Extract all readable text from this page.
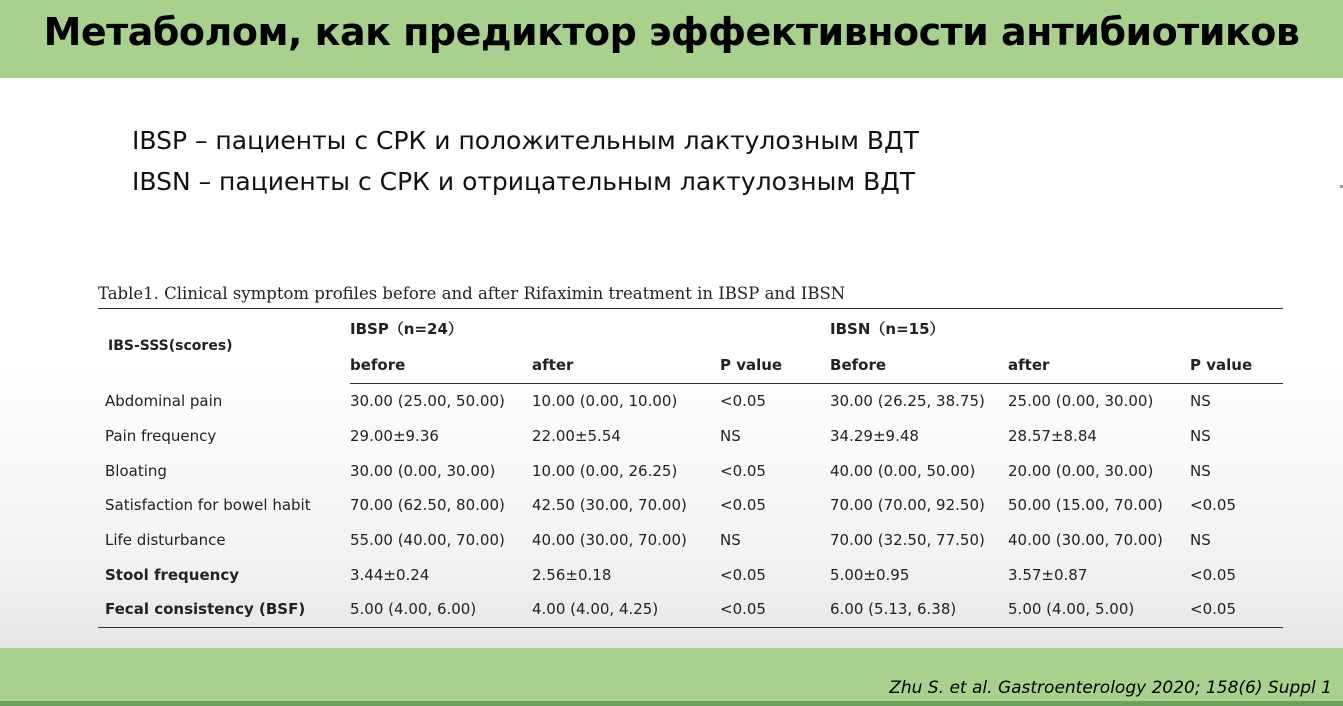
Метаболом, как предиктор эффективности антибиотиков
IBSP – пациенты с СРК и положительным лактулозным ВДТ
IBSN – пациенты с СРК и отрицательным лактулозным ВДТ
Table1. Clinical symptom profiles before and after Rifaximin treatment in IBSP and IBSN
IBS-SSS(scores)	IBSP（n=24）			IBSN（n=15）		
	before	after	P value	Before	after	P value
Abdominal pain	30.00 (25.00, 50.00)	10.00 (0.00, 10.00)	<0.05	30.00 (26.25, 38.75)	25.00 (0.00, 30.00)	NS
Pain frequency	29.00±9.36	22.00±5.54	NS	34.29±9.48	28.57±8.84	NS
Bloating	30.00 (0.00, 30.00)	10.00 (0.00, 26.25)	<0.05	40.00 (0.00, 50.00)	20.00 (0.00, 30.00)	NS
Satisfaction for bowel habit	70.00 (62.50, 80.00)	42.50 (30.00, 70.00)	<0.05	70.00 (70.00, 92.50)	50.00 (15.00, 70.00)	<0.05
Life disturbance	55.00 (40.00, 70.00)	40.00 (30.00, 70.00)	NS	70.00 (32.50, 77.50)	40.00 (30.00, 70.00)	NS
Stool frequency	3.44±0.24	2.56±0.18	<0.05	5.00±0.95	3.57±0.87	<0.05
Fecal consistency (BSF)	5.00 (4.00, 6.00)	4.00 (4.00, 4.25)	<0.05	6.00 (5.13, 6.38)	5.00 (4.00, 5.00)	<0.05
Zhu S. et al. Gastroenterology 2020; 158(6) Suppl 1
